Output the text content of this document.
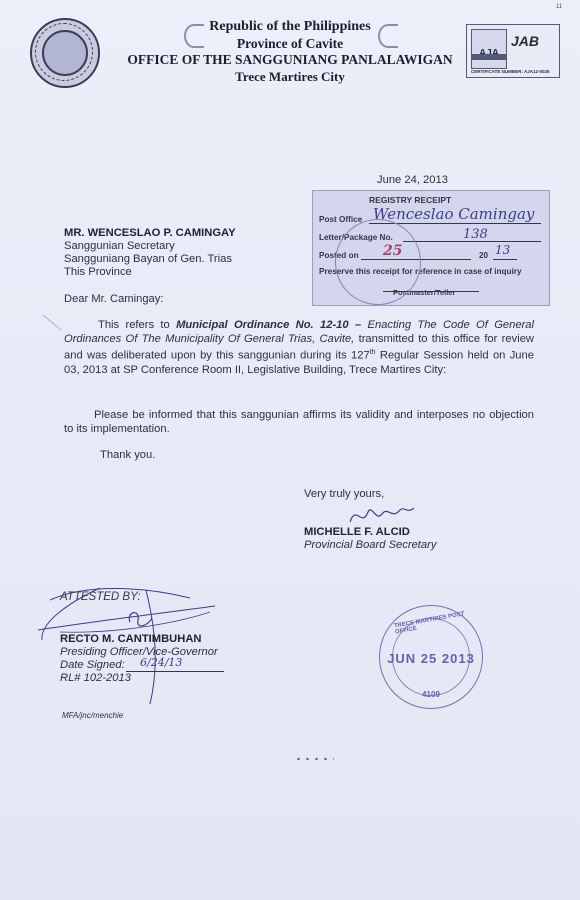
11
Republic of the Philippines
Province of Cavite
OFFICE OF THE SANGGUNIANG PANLALAWIGAN
Trece Martires City
JAB
CERTIFICATE NUMBER: AJA12-0025
June 24, 2013
REGISTRY RECEIPT
Post Office Wenceslao Camingay
Letter/Package No.	138
Posted on 25	20 13
Preserve this receipt for reference in case of inquiry
Postmaster/Teller
MR. WENCESLAO P. CAMINGAY
Sanggunian Secretary
Sangguniang Bayan of Gen. Trias
This Province
Dear Mr. Camingay:
This refers to Municipal Ordinance No. 12-10 – Enacting The Code Of General Ordinances Of The Municipality Of General Trias, Cavite, transmitted to this office for review and was deliberated upon by this sanggunian during its 127th Regular Session held on June 03, 2013 at SP Conference Room II, Legislative Building, Trece Martires City:
Please be informed that this sanggunian affirms its validity and interposes no objection to its implementation.
Thank you.
Very truly yours,
MICHELLE F. ALCID
Provincial Board Secretary
ATTESTED BY:
RECTO M. CANTIMBUHAN
Presiding Officer/Vice-Governor
Date Signed: 6/24/13
RL# 102-2013
MFA/jnc/menchie
TRECE MARTIRES POST OFFICE
JUN 25 2013
4109
